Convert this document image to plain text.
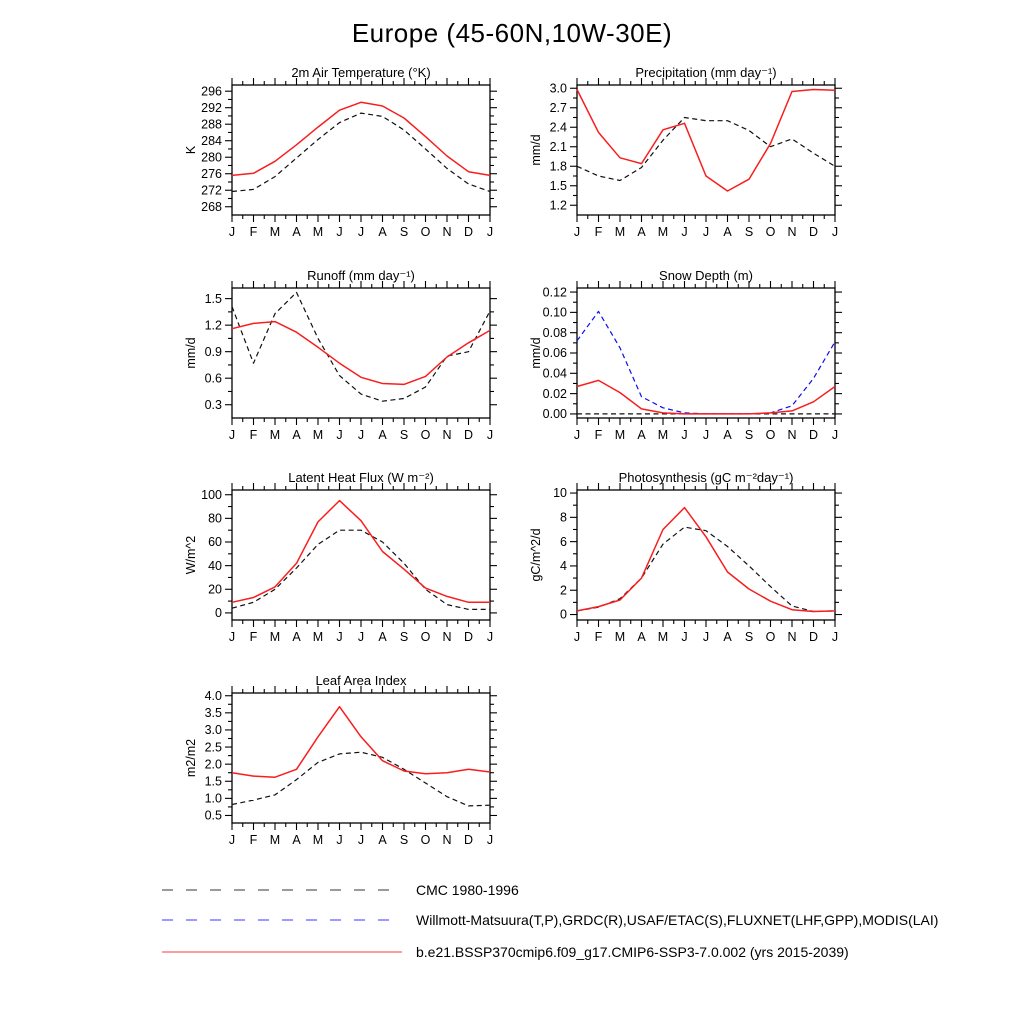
Europe (45-60N,10W-30E)
2m Air Temperature (°K)
K
268
272
276
280
284
288
292
296
J F M A M J J A S O N D J
Precipitation (mm day⁻¹)
mm/d
1.2
1.5
1.8
2.1
2.4
2.7
3.0
J F M A M J J A S O N D J
Runoff (mm day⁻¹)
mm/d
0.3
0.6
0.9
1.2
1.5
J F M A M J J A S O N D J
Snow Depth (m)
mm/d
0.00
0.02
0.04
0.06
0.08
0.10
0.12
J F M A M J J A S O N D J
Latent Heat Flux (W m⁻²)
W/m^2
0
20
40
60
80
100
J F M A M J J A S O N D J
Photosynthesis (gC m⁻²day⁻¹)
gC/m^2/d
0
2
4
6
8
10
J F M A M J J A S O N D J
Leaf Area Index
m2/m2
0.5
1.0
1.5
2.0
2.5
3.0
3.5
4.0
J F M A M J J A S O N D J
CMC 1980-1996
Willmott-Matsuura(T,P),GRDC(R),USAF/ETAC(S),FLUXNET(LHF,GPP),MODIS(LAI)
b.e21.BSSP370cmip6.f09_g17.CMIP6-SSP3-7.0.002 (yrs 2015-2039)
